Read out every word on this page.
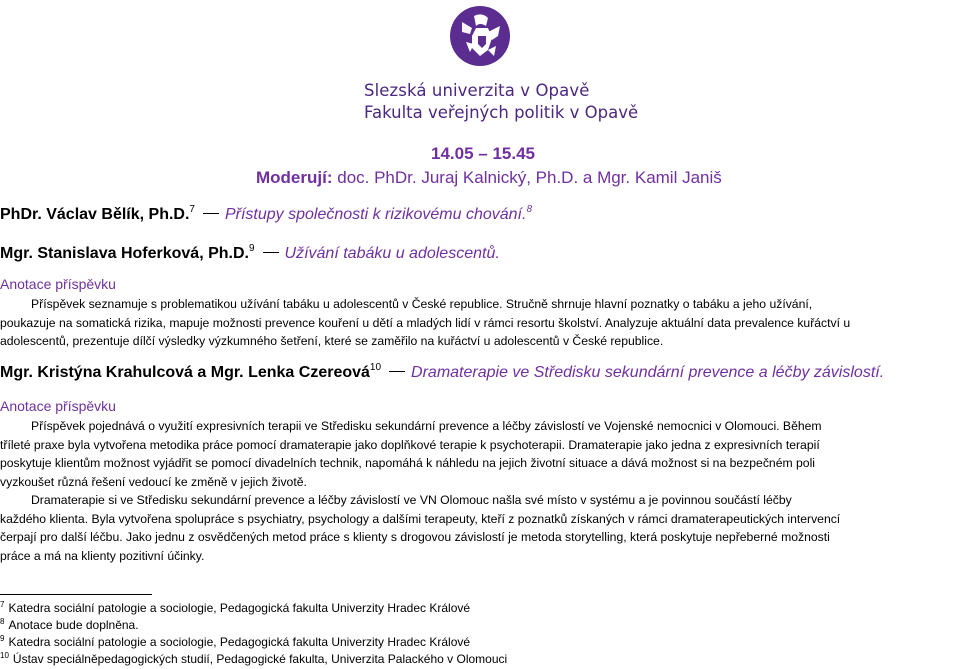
Slezská univerzita v Opavě
Fakulta veřejných politik v Opavě
14.05 – 15.45
Moderují: doc. PhDr. Juraj Kalnický, Ph.D. a Mgr. Kamil Janiš
PhDr. Václav Bělík, Ph.D.$^7$ Přístupy společnosti k rizikovému chování.$^8$
Mgr. Stanislava Hoferková, Ph.D.$^9$ Užívání tabáku u adolescentů.
Anotace příspěvku
Příspěvek seznamuje s problematikou užívání tabáku u adolescentů v České republice. Stručně shrnuje hlavní poznatky o tabáku a jeho užívání,
poukazuje na somatická rizika, mapuje možnosti prevence kouření u dětí a mladých lidí v rámci resortu školství. Analyzuje aktuální data prevalence kuřáctví u
adolescentů, prezentuje dílčí výsledky výzkumného šetření, které se zaměřilo na kuřáctví u adolescentů v České republice.
Mgr. Kristýna Krahulcová a Mgr. Lenka Czereová$^{10}$ Dramaterapie ve Středisku sekundární prevence a léčby závislostí.
Anotace příspěvku
Příspěvek pojednává o využití expresivních terapii ve Středisku sekundární prevence a léčby závislostí ve Vojenské nemocnici v Olomouci. Během
tříleté praxe byla vytvořena metodika práce pomocí dramaterapie jako doplňkové terapie k psychoterapii. Dramaterapie jako jedna z expresivních terapií
poskytuje klientům možnost vyjádřit se pomocí divadelních technik, napomáhá k náhledu na jejich životní situace a dává možnost si na bezpečném poli
vyzkoušet různá řešení vedoucí ke změně v jejich životě.
Dramaterapie si ve Středisku sekundární prevence a léčby závislostí ve VN Olomouc našla své místo v systému a je povinnou součástí léčby
každého klienta. Byla vytvořena spolupráce s psychiatry, psychology a dalšími terapeuty, kteří z poznatků získaných v rámci dramaterapeutických intervencí
čerpají pro další léčbu. Jako jednu z osvědčených metod práce s klienty s drogovou závislostí je metoda storytelling, která poskytuje nepřeberné možnosti
práce a má na klienty pozitivní účinky.
$^7$ Katedra sociální patologie a sociologie, Pedagogická fakulta Univerzity Hradec Králové
$^8$ Anotace bude doplněna.
$^9$ Katedra sociální patologie a sociologie, Pedagogická fakulta Univerzity Hradec Králové
$^{10}$ Ústav speciálněpedagogických studií, Pedagogické fakulta, Univerzita Palackého v Olomouci
